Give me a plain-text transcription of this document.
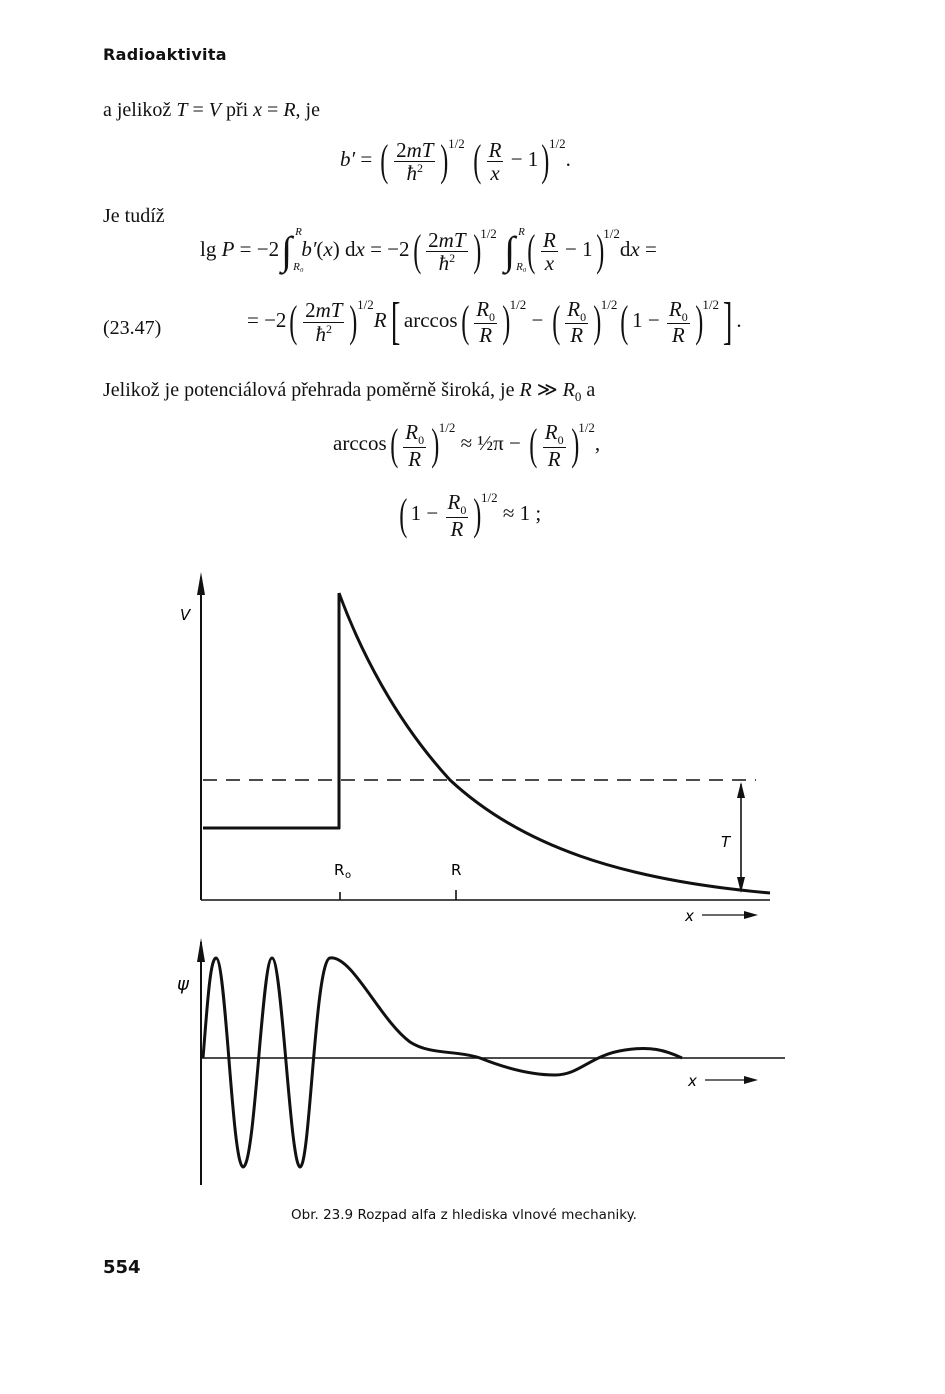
Radioaktivita
a jelikož T = V při x = R, je
b′ = ( $\frac{2mT}{ħ^2} )^{1/2}$ ( $\frac{R}{x} - 1)^{1/2}$.
Je tudíž
lg P = −2∫ R
R₀
b′(x) dx = $-2( \frac{2mT}{ħ^2} )^{1/2}$ ∫ R
R₀ ( $\frac{R}{x} - 1)^{1/2}dx$ =
(23.47)	= $-2( \frac{2mT}{ħ^2} )^{1/2}R$[ $\arccos( \frac{R_0}{R} )^{1/2}$ − ( $\frac{R_0}{R} )^{1/2}$( $1 - \frac{R_0}{R} )^{1/2}$] .
Jelikož je potenciálová přehrada poměrně široká, je R ≫ $R_0$ a
$\arccos( \frac{R_0}{R} )^{1/2}$ ≈ ½π − ( $\frac{R_0}{R} )^{1/2}$,
( $1 - \frac{R_0}{R} )^{1/2} \approx 1$ ;
V
R o	R
T
x
ψ
x
Obr. 23.9 Rozpad alfa z hlediska vlnové mechaniky.
554
